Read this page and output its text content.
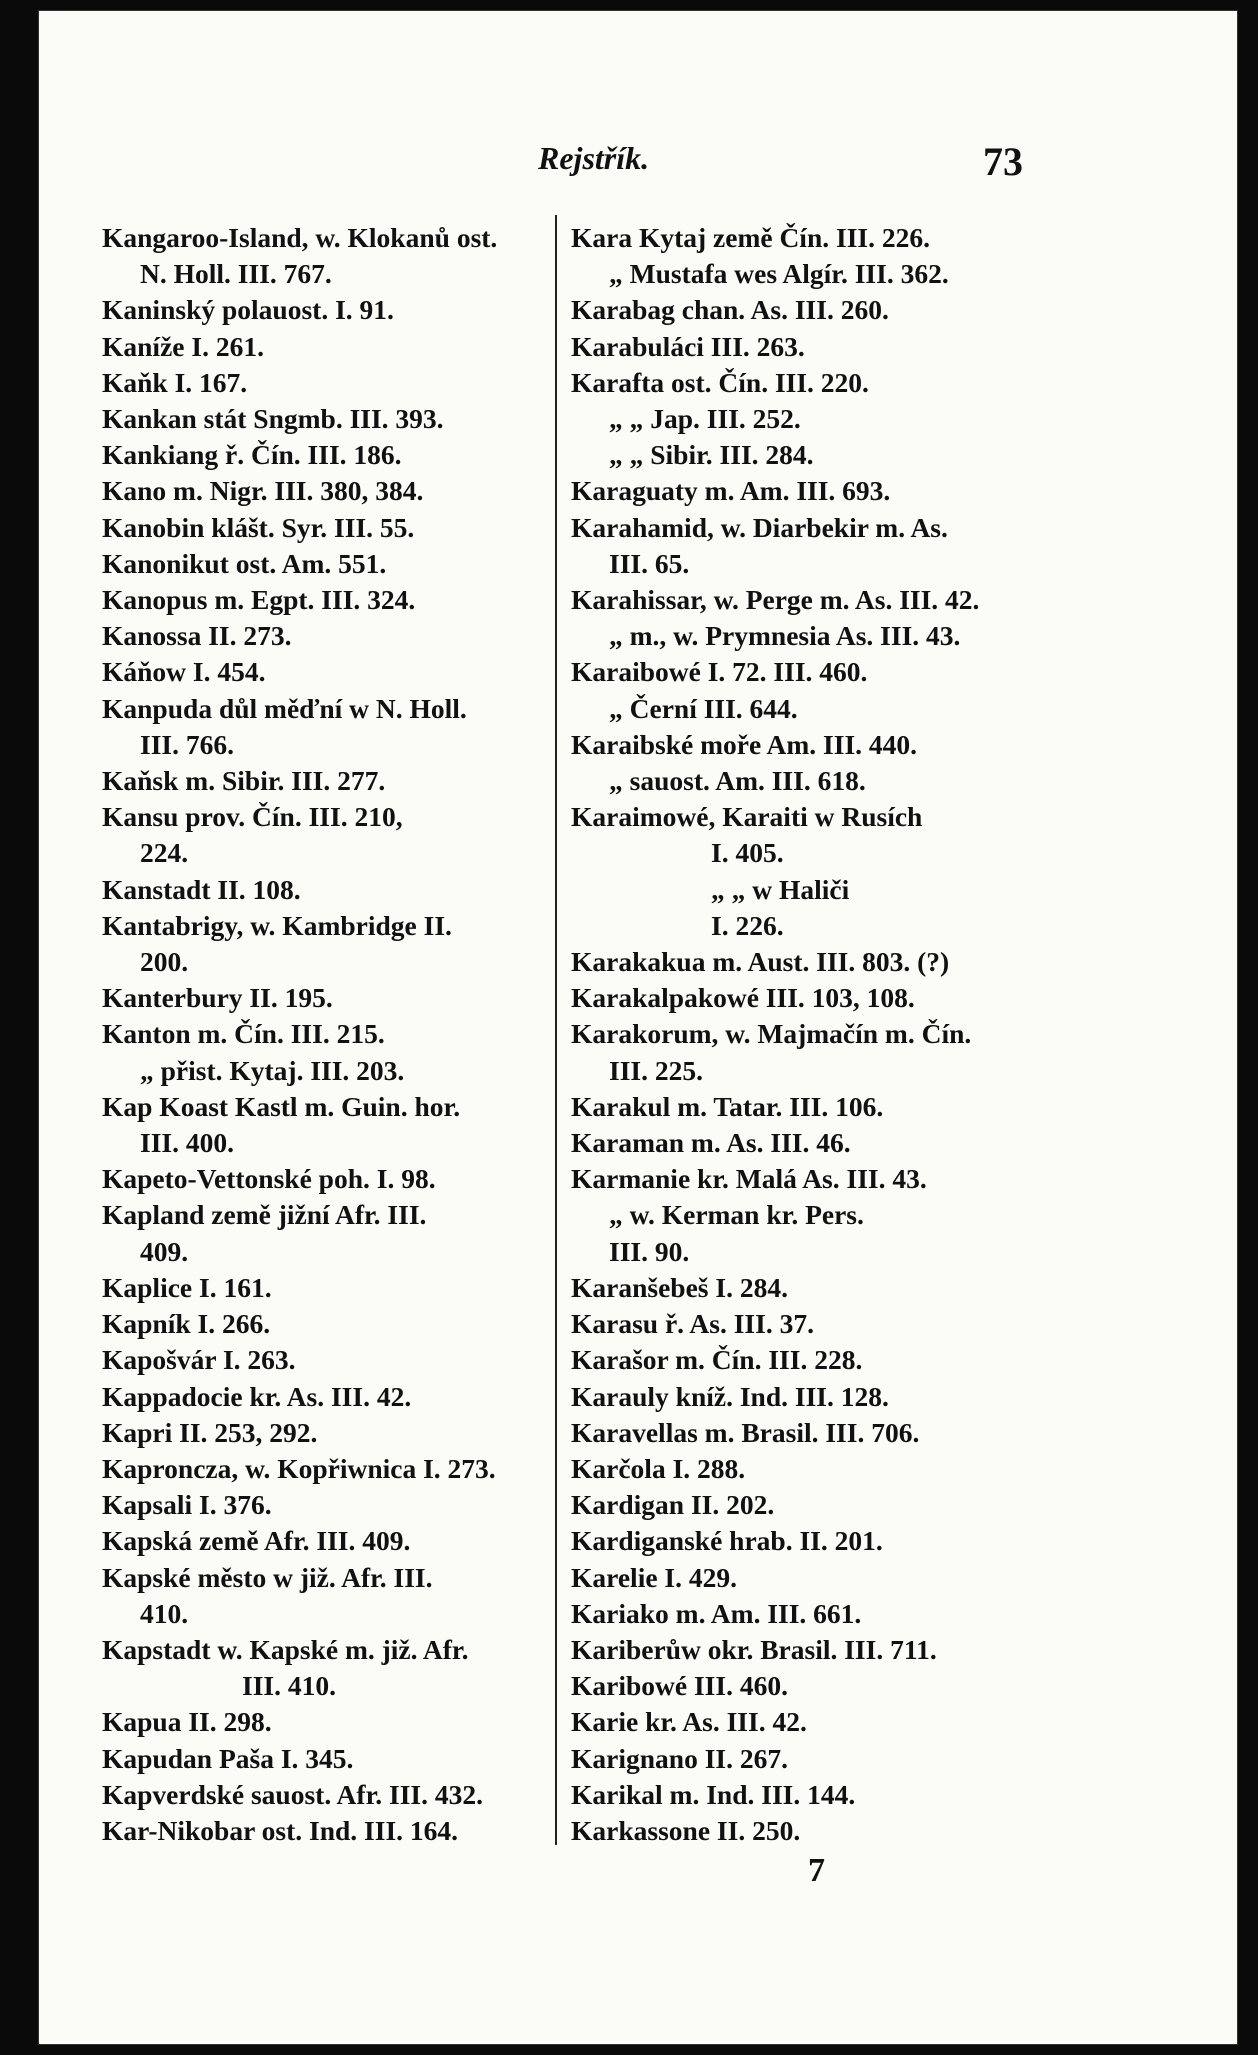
Rejstřík.	73
Kangaroo-Island, w. Klokanů ost.
N. Holl. III. 767.
Kaninský polauost. I. 91.
Kaníže I. 261.
Kaňk I. 167.
Kankan stát Sngmb. III. 393.
Kankiang ř. Čín. III. 186.
Kano m. Nigr. III. 380, 384.
Kanobin klášt. Syr. III. 55.
Kanonikut ost. Am. 551.
Kanopus m. Egpt. III. 324.
Kanossa II. 273.
Káňow I. 454.
Kanpuda důl měďní w N. Holl.
III. 766.
Kaňsk m. Sibir. III. 277.
Kansu prov. Čín. III. 210,
224.
Kanstadt II. 108.
Kantabrigy, w. Kambridge II.
200.
Kanterbury II. 195.
Kanton m. Čín. III. 215.
„ přist. Kytaj. III. 203.
Kap Koast Kastl m. Guin. hor.
III. 400.
Kapeto-Vettonské poh. I. 98.
Kapland země jižní Afr. III.
409.
Kaplice I. 161.
Kapník I. 266.
Kapošvár I. 263.
Kappadocie kr. As. III. 42.
Kapri II. 253, 292.
Kapronсza, w. Kopřiwnica I. 273.
Kapsali I. 376.
Kapská země Afr. III. 409.
Kapské město w již. Afr. III.
410.
Kapstadt w. Kapské m. již. Afr.
III. 410.
Kapua II. 298.
Kapudan Paša I. 345.
Kapverdské sauost. Afr. III. 432.
Kar-Nikobar ost. Ind. III. 164.
Kara Kytaj země Čín. III. 226.
„ Mustafa wes Algír. III. 362.
Karabag chan. As. III. 260.
Karabuláci III. 263.
Karafta ost. Čín. III. 220.
„ „ Jap. III. 252.
„ „ Sibir. III. 284.
Karaguaty m. Am. III. 693.
Karahamid, w. Diarbekir m. As.
III. 65.
Karahissar, w. Perge m. As. III. 42.
„ m., w. Prymnesia As. III. 43.
Karaibowé I. 72. III. 460.
„ Černí III. 644.
Karaibské moře Am. III. 440.
„ sauost. Am. III. 618.
Karaimowé, Karaiti w Rusích
I. 405.
„ „ w Haliči
I. 226.
Karakakua m. Aust. III. 803. (?)
Karakalpakowé III. 103, 108.
Karakorum, w. Majmačín m. Čín.
III. 225.
Karakul m. Tatar. III. 106.
Karaman m. As. III. 46.
Karmanie kr. Malá As. III. 43.
„ w. Kerman kr. Pers.
III. 90.
Karanšebeš I. 284.
Karasu ř. As. III. 37.
Karašor m. Čín. III. 228.
Karauly kníž. Ind. III. 128.
Karavellas m. Brasil. III. 706.
Karčola I. 288.
Kardigan II. 202.
Kardiganské hrab. II. 201.
Karelie I. 429.
Kariako m. Am. III. 661.
Kariberůw okr. Brasil. III. 711.
Karibowé III. 460.
Karie kr. As. III. 42.
Karignano II. 267.
Karikal m. Ind. III. 144.
Karkassone II. 250.
7
